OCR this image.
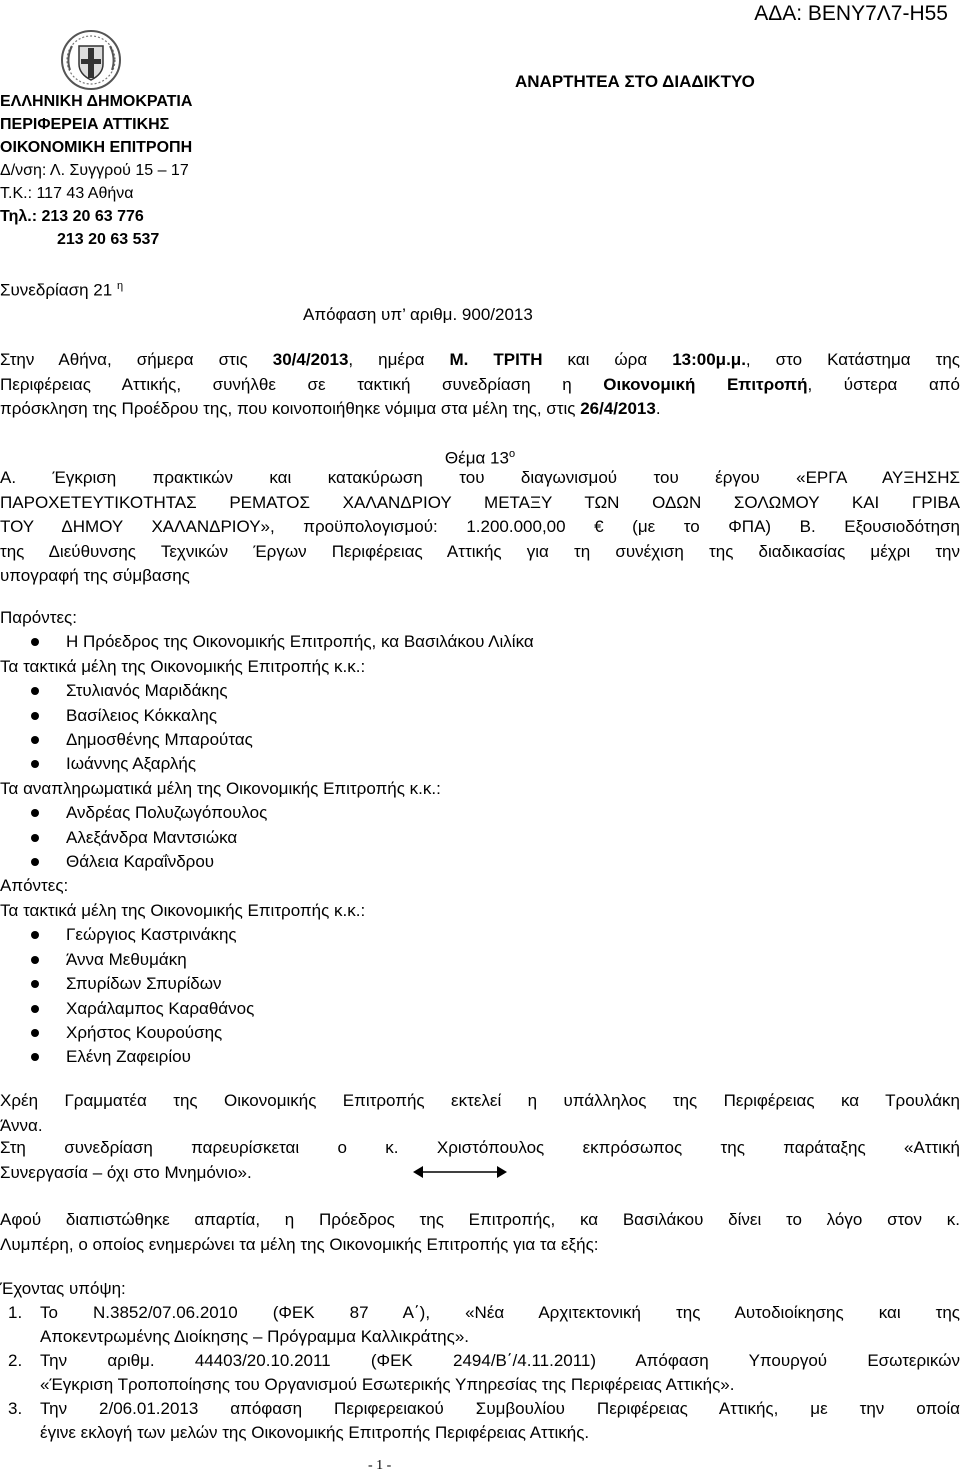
ΑΔΑ: ΒΕΝΥ7Λ7-Η55
ΕΛΛΗΝΙΚΗ ΔΗΜΟΚΡΑΤΙΑ
ΠΕΡΙΦΕΡΕΙΑ ΑΤΤΙΚΗΣ
ΟΙΚΟΝΟΜΙΚΗ ΕΠΙΤΡΟΠΗ
Δ/νση: Λ. Συγγρού 15 – 17
Τ.Κ.: 117 43 Αθήνα
Τηλ.: 213 20 63 776
213 20 63 537
ΑΝΑΡΤΗΤΕΑ ΣΤΟ ΔΙΑΔΙΚΤΥΟ
Συνεδρίαση 21 $^\eta$
Απόφαση υπ’ αριθμ. 900/2013
Στην Αθήνα, σήμερα στις 30/4/2013, ημέρα Μ. ΤΡΙΤΗ και ώρα 13:00μ.μ., στο Κατάστημα της
Περιφέρειας Αττικής, συνήλθε σε τακτική συνεδρίαση η Οικονομική Επιτροπή, ύστερα από
πρόσκληση της Προέδρου της, που κοινοποιήθηκε νόμιμα στα μέλη της, στις 26/4/2013.
Θέμα $13^o$
Α. Έγκριση πρακτικών και κατακύρωση του διαγωνισμού του έργου «ΕΡΓΑ ΑΥΞΗΣΗΣ
ΠΑΡΟΧΕΤΕΥΤΙΚΟΤΗΤΑΣ ΡΕΜΑΤΟΣ ΧΑΛΑΝΔΡΙΟΥ ΜΕΤΑΞΥ ΤΩΝ ΟΔΩΝ ΣΟΛΩΜΟΥ ΚΑΙ ΓΡΙΒΑ
ΤΟΥ ΔΗΜΟΥ ΧΑΛΑΝΔΡΙΟΥ», προϋπολογισμού: 1.200.000,00 € (με το ΦΠΑ) Β. Εξουσιοδότηση
της Διεύθυνσης Τεχνικών Έργων Περιφέρειας Αττικής για τη συνέχιση της διαδικασίας μέχρι την
υπογραφή της σύμβασης
Παρόντες:
Η Πρόεδρος της Οικονομικής Επιτροπής, κα Βασιλάκου Λιλίκα
Τα τακτικά μέλη της Οικονομικής Επιτροπής κ.κ.:
Στυλιανός Μαριδάκης
Βασίλειος Κόκκαλης
Δημοσθένης Μπαρούτας
Ιωάννης Αξαρλής
Τα αναπληρωματικά μέλη της Οικονομικής Επιτροπής κ.κ.:
Ανδρέας Πολυζωγόπουλος
Αλεξάνδρα Μαντσιώκα
Θάλεια Καραΐνδρου
Απόντες:
Τα τακτικά μέλη της Οικονομικής Επιτροπής κ.κ.:
Γεώργιος Καστρινάκης
Άννα Μεθυμάκη
Σπυρίδων Σπυρίδων
Χαράλαμπος Καραθάνος
Χρήστος Κουρούσης
Ελένη Ζαφειρίου
Χρέη Γραμματέα της Οικονομικής Επιτροπής εκτελεί η υπάλληλος της Περιφέρειας κα Τρουλάκη
Άννα.
Στη συνεδρίαση παρευρίσκεται ο κ. Χριστόπουλος εκπρόσωπος της παράταξης «Αττική
Συνεργασία – όχι στο Μνημόνιο».
Αφού διαπιστώθηκε απαρτία, η Πρόεδρος της Επιτροπής, κα Βασιλάκου δίνει το λόγο στον κ.
Λυμπέρη, ο οποίος ενημερώνει τα μέλη της Οικονομικής Επιτροπής για τα εξής:
Έχοντας υπόψη:
1. Το Ν.3852/07.06.2010 (ΦΕΚ 87 Α΄), «Νέα Αρχιτεκτονική της Αυτοδιοίκησης και της
Αποκεντρωμένης Διοίκησης – Πρόγραμμα Καλλικράτης».
2. Την αριθμ. 44403/20.10.2011 (ΦΕΚ 2494/Β΄/4.11.2011) Απόφαση Υπουργού Εσωτερικών
«Έγκριση Τροποποίησης του Οργανισμού Εσωτερικής Υπηρεσίας της Περιφέρειας Αττικής».
3. Την 2/06.01.2013 απόφαση Περιφερειακού Συμβουλίου Περιφέρειας Αττικής, με την οποία
έγινε εκλογή των μελών της Οικονομικής Επιτροπής Περιφέρειας Αττικής.
- 1 -
